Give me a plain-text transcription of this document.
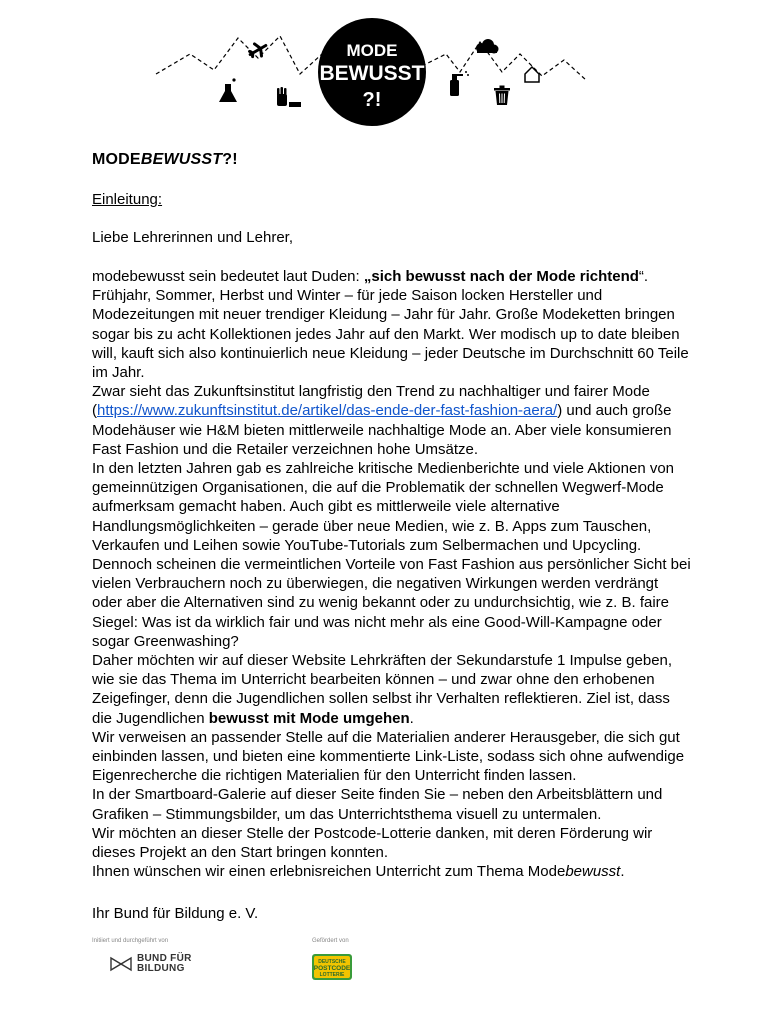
MODE
BEWUSST
?!
MODEBEWUSST?!

Einleitung:

Liebe Lehrerinnen und Lehrer,

modebewusst sein bedeutet laut Duden: „sich bewusst nach der Mode richtend“. Frühjahr, Sommer, Herbst und Winter – für jede Saison locken Hersteller und Modezeitungen mit neuer trendiger Kleidung – Jahr für Jahr. Große Modeketten bringen sogar bis zu acht Kollektionen jedes Jahr auf den Markt. Wer modisch up to date bleiben will, kauft sich also kontinuierlich neue Kleidung – jeder Deutsche im Durchschnitt 60 Teile im Jahr.

Zwar sieht das Zukunftsinstitut langfristig den Trend zu nachhaltiger und fairer Mode (https://www.zukunftsinstitut.de/artikel/das-ende-der-fast-fashion-aera/) und auch große Modehäuser wie H&M bieten mittlerweile nachhaltige Mode an. Aber viele konsumieren Fast Fashion und die Retailer verzeichnen hohe Umsätze.

In den letzten Jahren gab es zahlreiche kritische Medienberichte und viele Aktionen von gemeinnützigen Organisationen, die auf die Problematik der schnellen Wegwerf-Mode aufmerksam gemacht haben. Auch gibt es mittlerweile viele alternative Handlungsmöglichkeiten – gerade über neue Medien, wie z. B. Apps zum Tauschen, Verkaufen und Leihen sowie YouTube-Tutorials zum Selbermachen und Upcycling.

Dennoch scheinen die vermeintlichen Vorteile von Fast Fashion aus persönlicher Sicht bei vielen Verbrauchern noch zu überwiegen, die negativen Wirkungen werden verdrängt oder aber die Alternativen sind zu wenig bekannt oder zu undurchsichtig, wie z. B. faire Siegel: Was ist da wirklich fair und was nicht mehr als eine Good-Will-Kampagne oder sogar Greenwashing?

Daher möchten wir auf dieser Website Lehrkräften der Sekundarstufe 1 Impulse geben, wie sie das Thema im Unterricht bearbeiten können – und zwar ohne den erhobenen Zeigefinger, denn die Jugendlichen sollen selbst ihr Verhalten reflektieren. Ziel ist, dass die Jugendlichen bewusst mit Mode umgehen.

Wir verweisen an passender Stelle auf die Materialien anderer Herausgeber, die sich gut einbinden lassen, und bieten eine kommentierte Link-Liste, sodass sich ohne aufwendige Eigenrecherche die richtigen Materialien für den Unterricht finden lassen.

In der Smartboard-Galerie auf dieser Seite finden Sie – neben den Arbeitsblättern und Grafiken – Stimmungsbilder, um das Unterrichtsthema visuell zu untermalen.

Wir möchten an dieser Stelle der Postcode-Lotterie danken, mit deren Förderung wir dieses Projekt an den Start bringen konnten.

Ihnen wünschen wir einen erlebnisreichen Unterricht zum Thema Modebewusst.

Ihr Bund für Bildung e. V.

Initiiert und durchgeführt von	Gefördert von
BUND FÜR
BILDUNG
DEUTSCHE
POSTCODE
LOTTERIE
